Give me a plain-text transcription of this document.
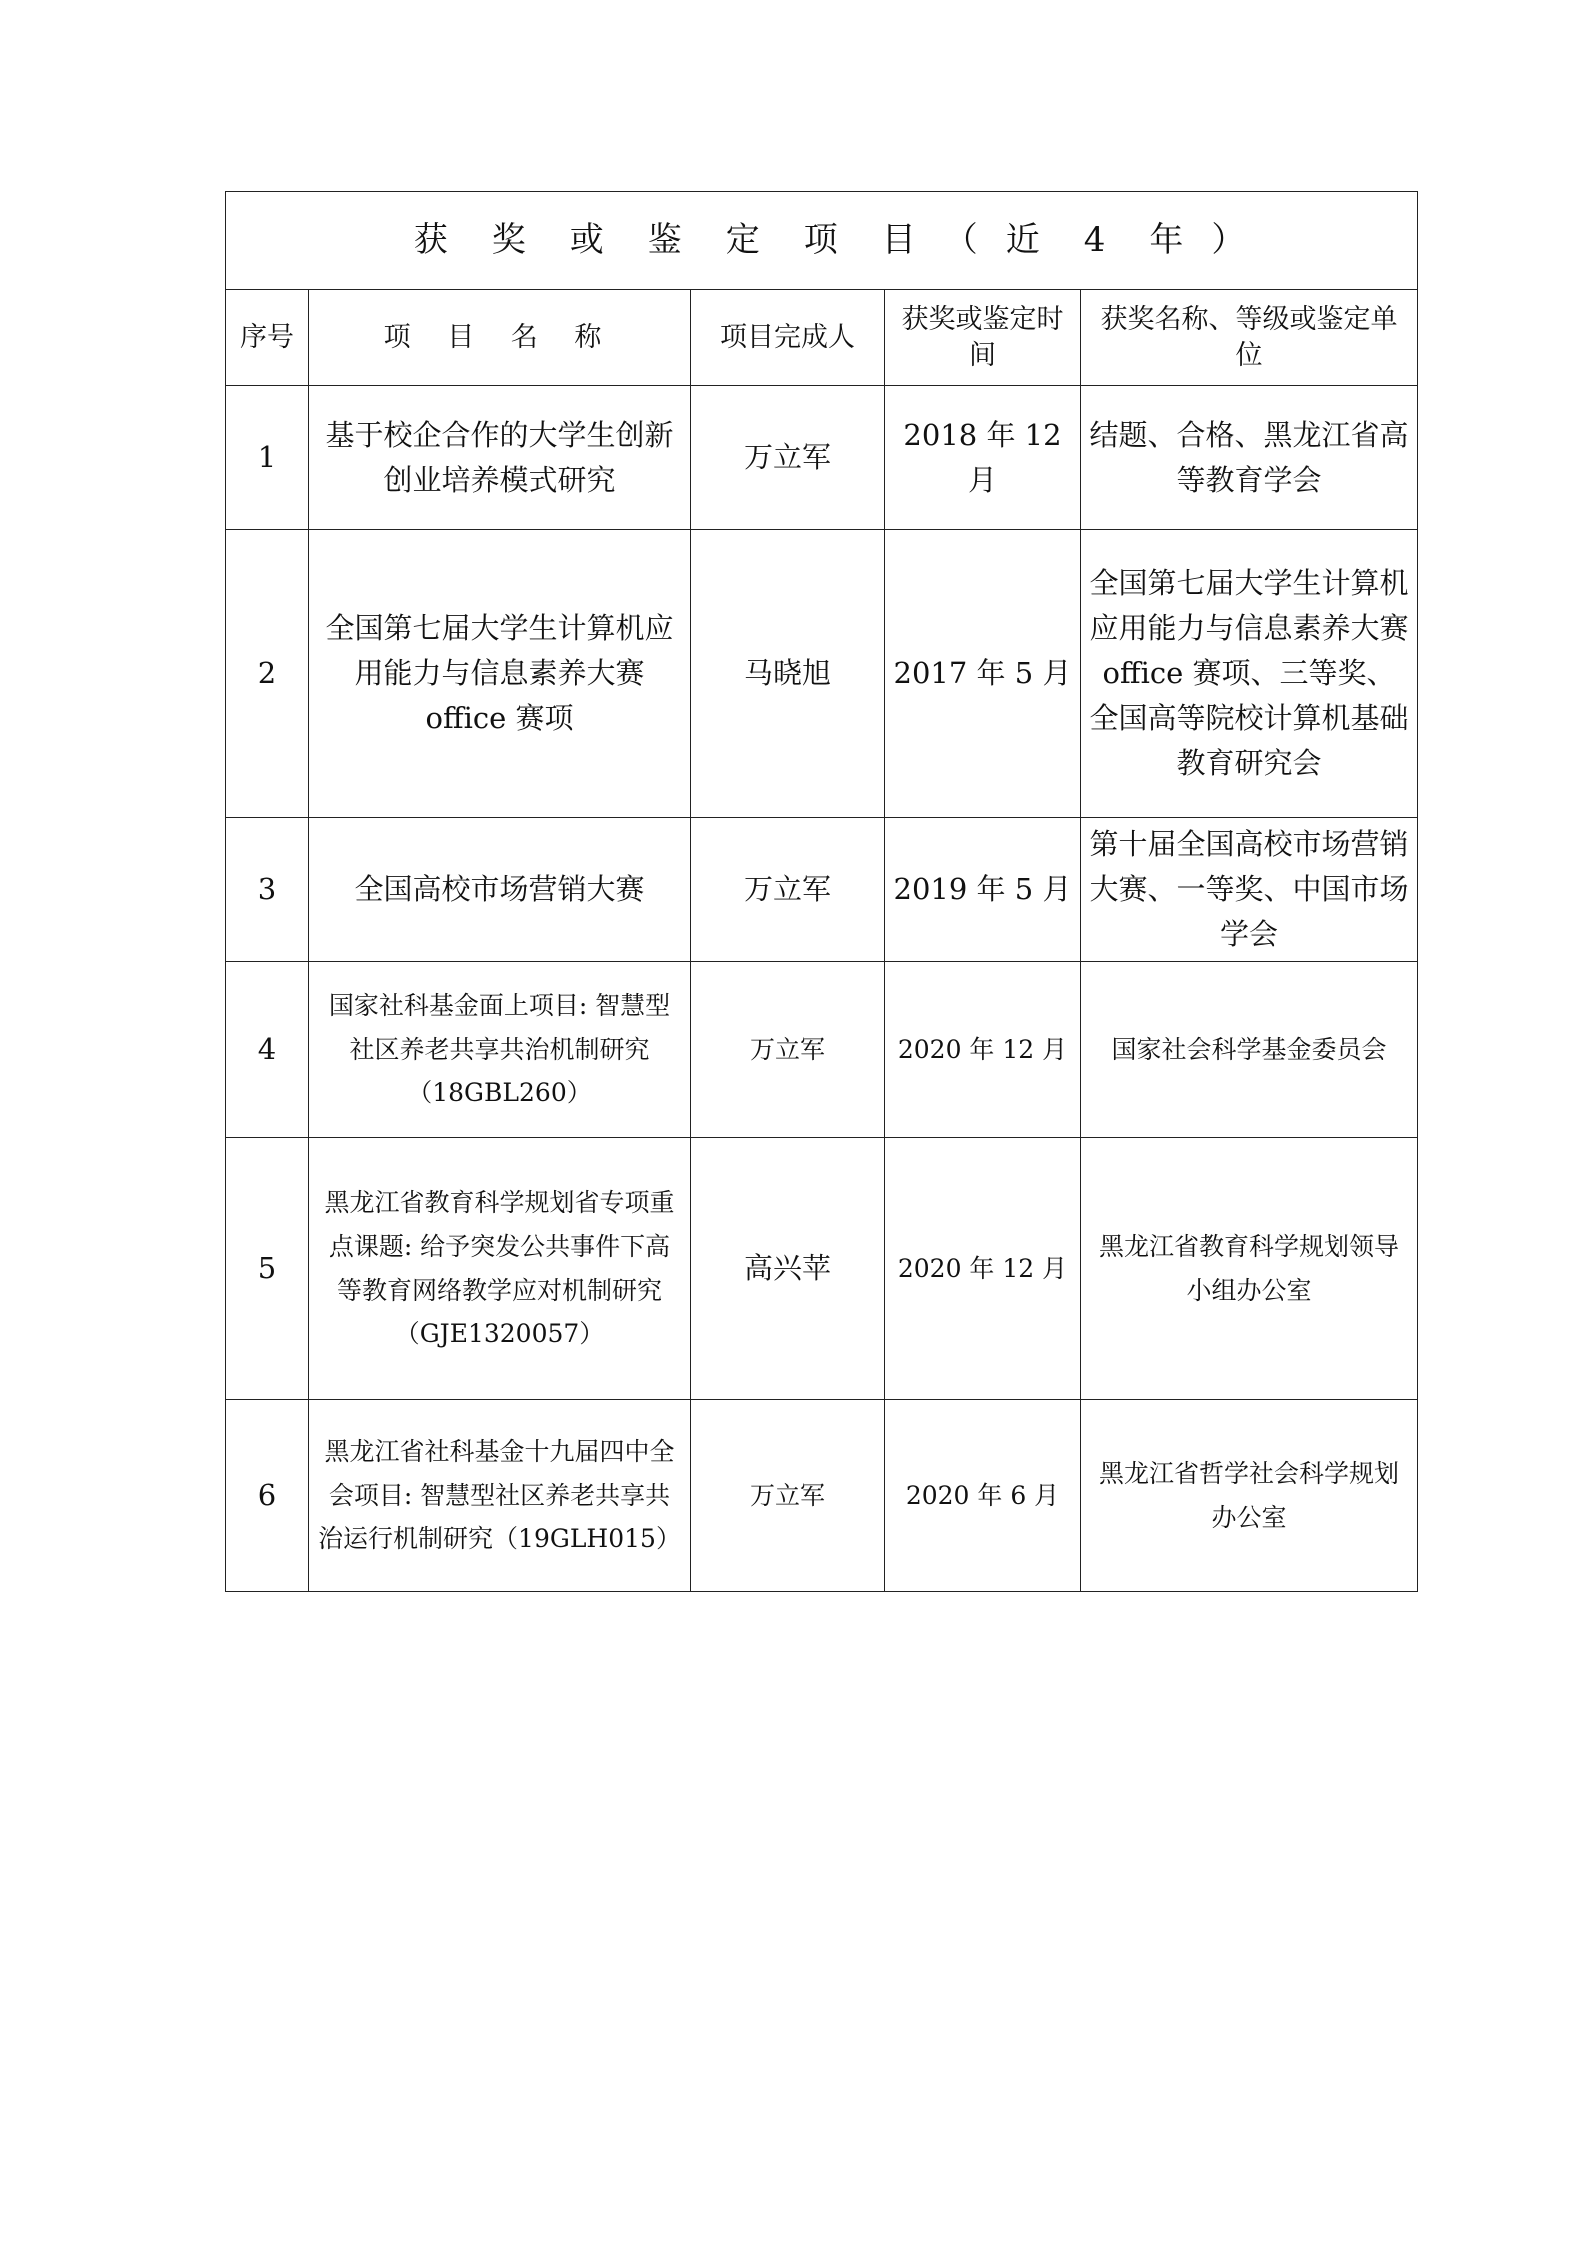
获 奖 或 鉴 定 项 目 （ 近 4 年 ）				
序号	项 目 名 称	项目完成人	获奖或鉴定时间	获奖名称、等级或鉴定单位
1	基于校企合作的大学生创新创业培养模式研究	万立军	2018 年 12 月	结题、合格、黑龙江省高等教育学会
2	全国第七届大学生计算机应用能力与信息素养大赛 office 赛项	马晓旭	2017 年 5 月	全国第七届大学生计算机应用能力与信息素养大赛 office 赛项、三等奖、全国高等院校计算机基础教育研究会
3	全国高校市场营销大赛	万立军	2019 年 5 月	第十届全国高校市场营销大赛、一等奖、中国市场学会
4	国家社科基金面上项目: 智慧型社区养老共享共治机制研究（18GBL260）	万立军	2020 年 12 月	国家社会科学基金委员会
5	黑龙江省教育科学规划省专项重点课题: 给予突发公共事件下高等教育网络教学应对机制研究（GJE1320057）	高兴苹	2020 年 12 月	黑龙江省教育科学规划领导小组办公室
6	黑龙江省社科基金十九届四中全会项目: 智慧型社区养老共享共治运行机制研究（19GLH015）	万立军	2020 年 6 月	黑龙江省哲学社会科学规划办公室
